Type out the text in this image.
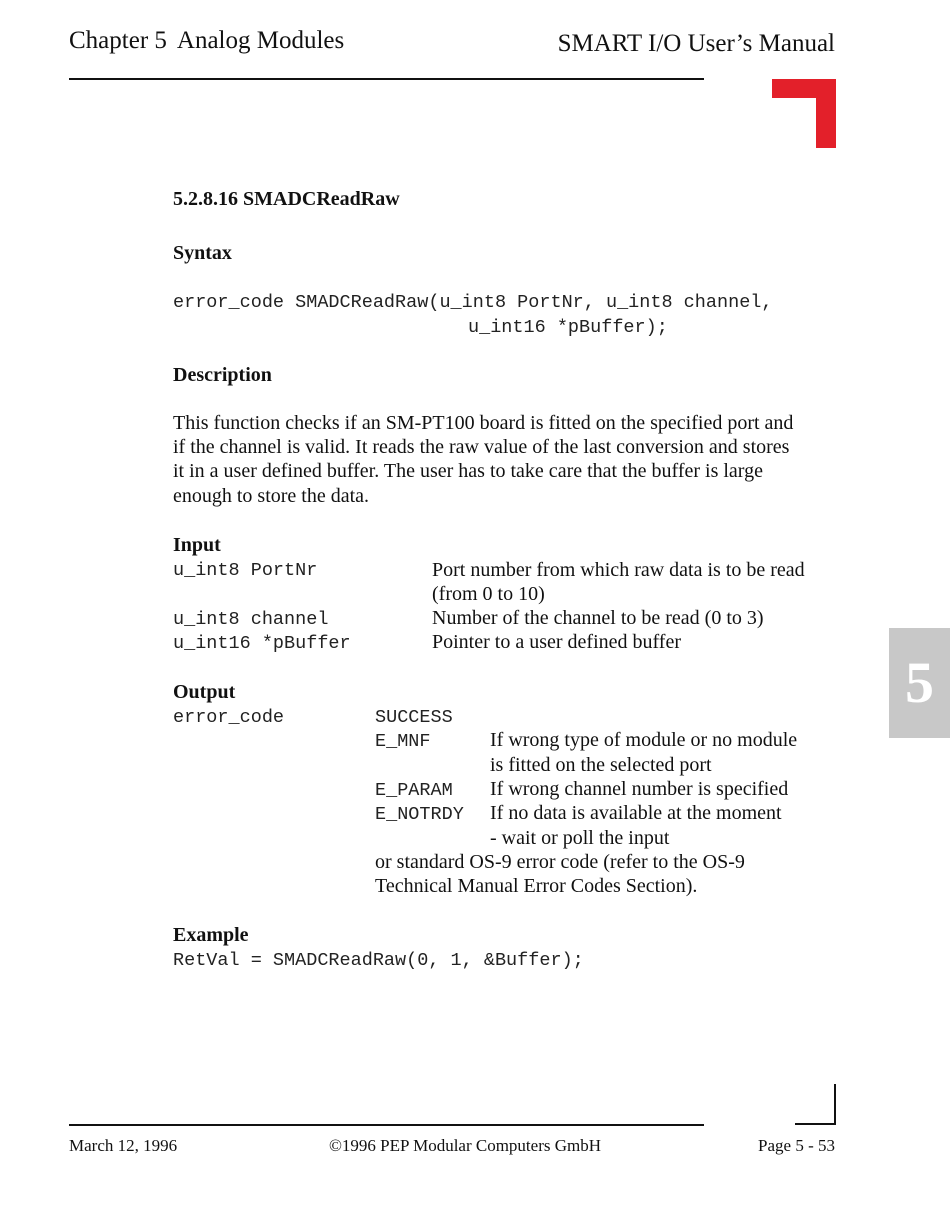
Chapter 5 Analog Modules	SMART I/O User’s Manual
5.2.8.16 SMADCReadRaw
Syntax
error_code SMADCReadRaw(u_int8 PortNr, u_int8 channel,
u_int16 *pBuffer);
Description
This function checks if an SM-PT100 board is fitted on the specified port and
if the channel is valid. It reads the raw value of the last conversion and stores
it in a user defined buffer. The user has to take care that the buffer is large
enough to store the data.
Input
u_int8 PortNr	Port number from which raw data is to be read
(from 0 to 10)
u_int8 channel	Number of the channel to be read (0 to 3)
u_int16 *pBuffer	Pointer to a user defined buffer
Output
error_code	SUCCESS
E_MNF	If wrong type of module or no module
is fitted on the selected port
E_PARAM If wrong channel number is specified
E_NOTRDY If no data is available at the moment
- wait or poll the input
or standard OS-9 error code (refer to the OS-9
Technical Manual Error Codes Section).
Example
RetVal = SMADCReadRaw(0, 1, &Buffer);
5
March 12, 1996	©1996 PEP Modular Computers GmbH	Page 5 - 53
